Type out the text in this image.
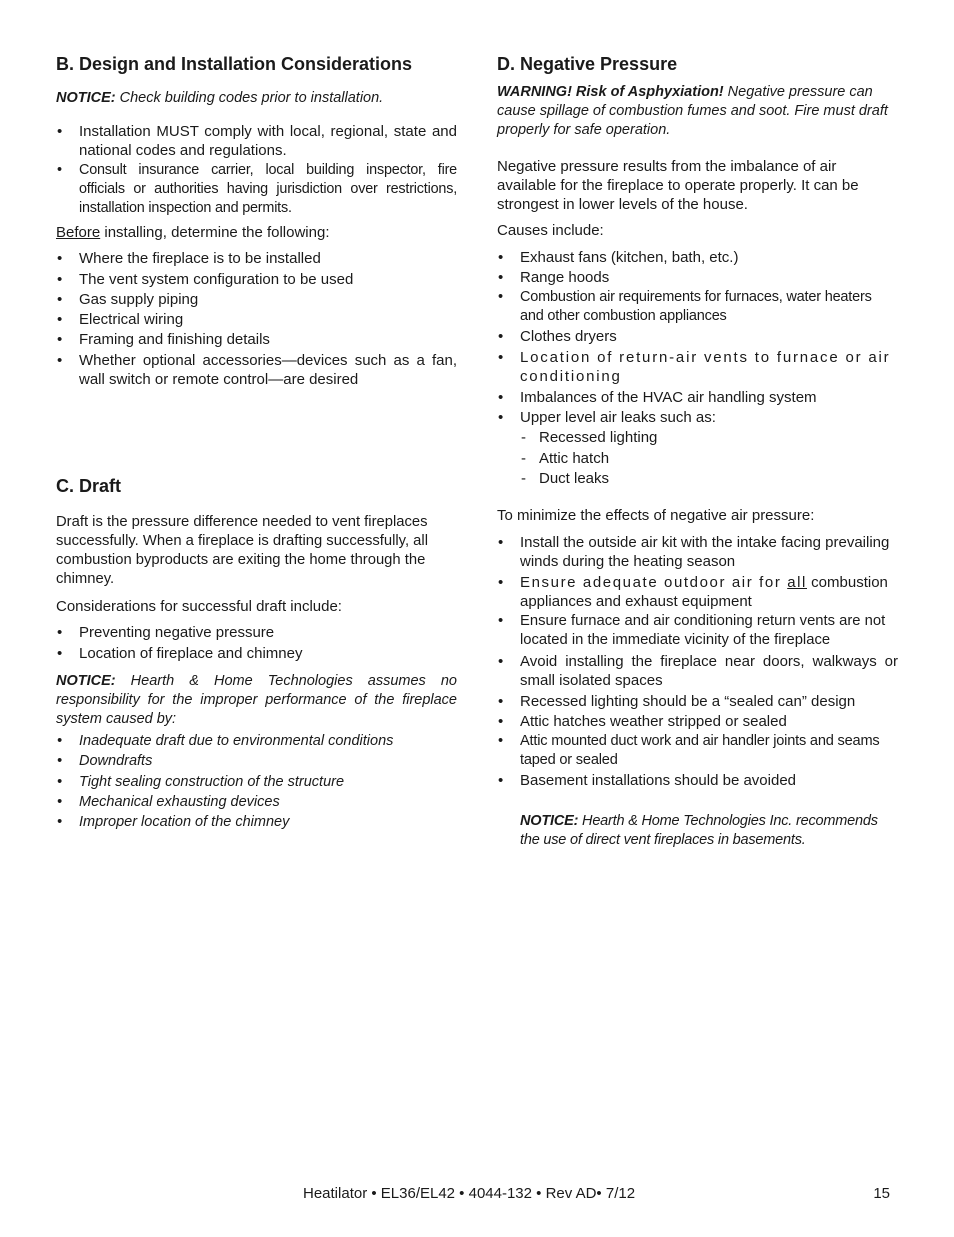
B. Design and Installation Considerations

NOTICE: Check building codes prior to installation.

• Installation MUST comply with local, regional, state and national codes and regulations.
• Consult insurance carrier, local building inspector, fire officials or authorities having jurisdiction over restrictions, installation inspection and permits.

Before installing, determine the following:

• Where the fireplace is to be installed
• The vent system configuration to be used
• Gas supply piping
• Electrical wiring
• Framing and finishing details
• Whether optional accessories—devices such as a fan, wall switch or remote control—are desired
C. Draft

Draft is the pressure difference needed to vent fireplaces successfully. When a fireplace is drafting successfully, all combustion byproducts are exiting the home through the chimney.

Considerations for successful draft include:

• Preventing negative pressure
• Location of fireplace and chimney

NOTICE: Hearth & Home Technologies assumes no responsibility for the improper performance of the fireplace system caused by:

• Inadequate draft due to environmental conditions
• Downdrafts
• Tight sealing construction of the structure
• Mechanical exhausting devices
• Improper location of the chimney
D. Negative Pressure

WARNING! Risk of Asphyxiation! Negative pressure can cause spillage of combustion fumes and soot. Fire must draft properly for safe operation.

Negative pressure results from the imbalance of air available for the fireplace to operate properly. It can be strongest in lower levels of the house.

Causes include:

• Exhaust fans (kitchen, bath, etc.)
• Range hoods
• Combustion air requirements for furnaces, water heaters and other combustion appliances
• Clothes dryers
• Location of return-air vents to furnace or air conditioning
• Imbalances of the HVAC air handling system
• Upper level air leaks such as:
- Recessed lighting
- Attic hatch
- Duct leaks

To minimize the effects of negative air pressure:

• Install the outside air kit with the intake facing prevailing winds during the heating season
• Ensure adequate outdoor air for all combustion appliances and exhaust equipment
• Ensure furnace and air conditioning return vents are not located in the immediate vicinity of the fireplace
• Avoid installing the fireplace near doors, walkways or small isolated spaces
• Recessed lighting should be a “sealed can” design
• Attic hatches weather stripped or sealed
• Attic mounted duct work and air handler joints and seams taped or sealed
• Basement installations should be avoided

NOTICE: Hearth & Home Technologies Inc. recommends the use of direct vent fireplaces in basements.

Heatilator • EL36/EL42 • 4044-132 • Rev AD• 7/12	15
